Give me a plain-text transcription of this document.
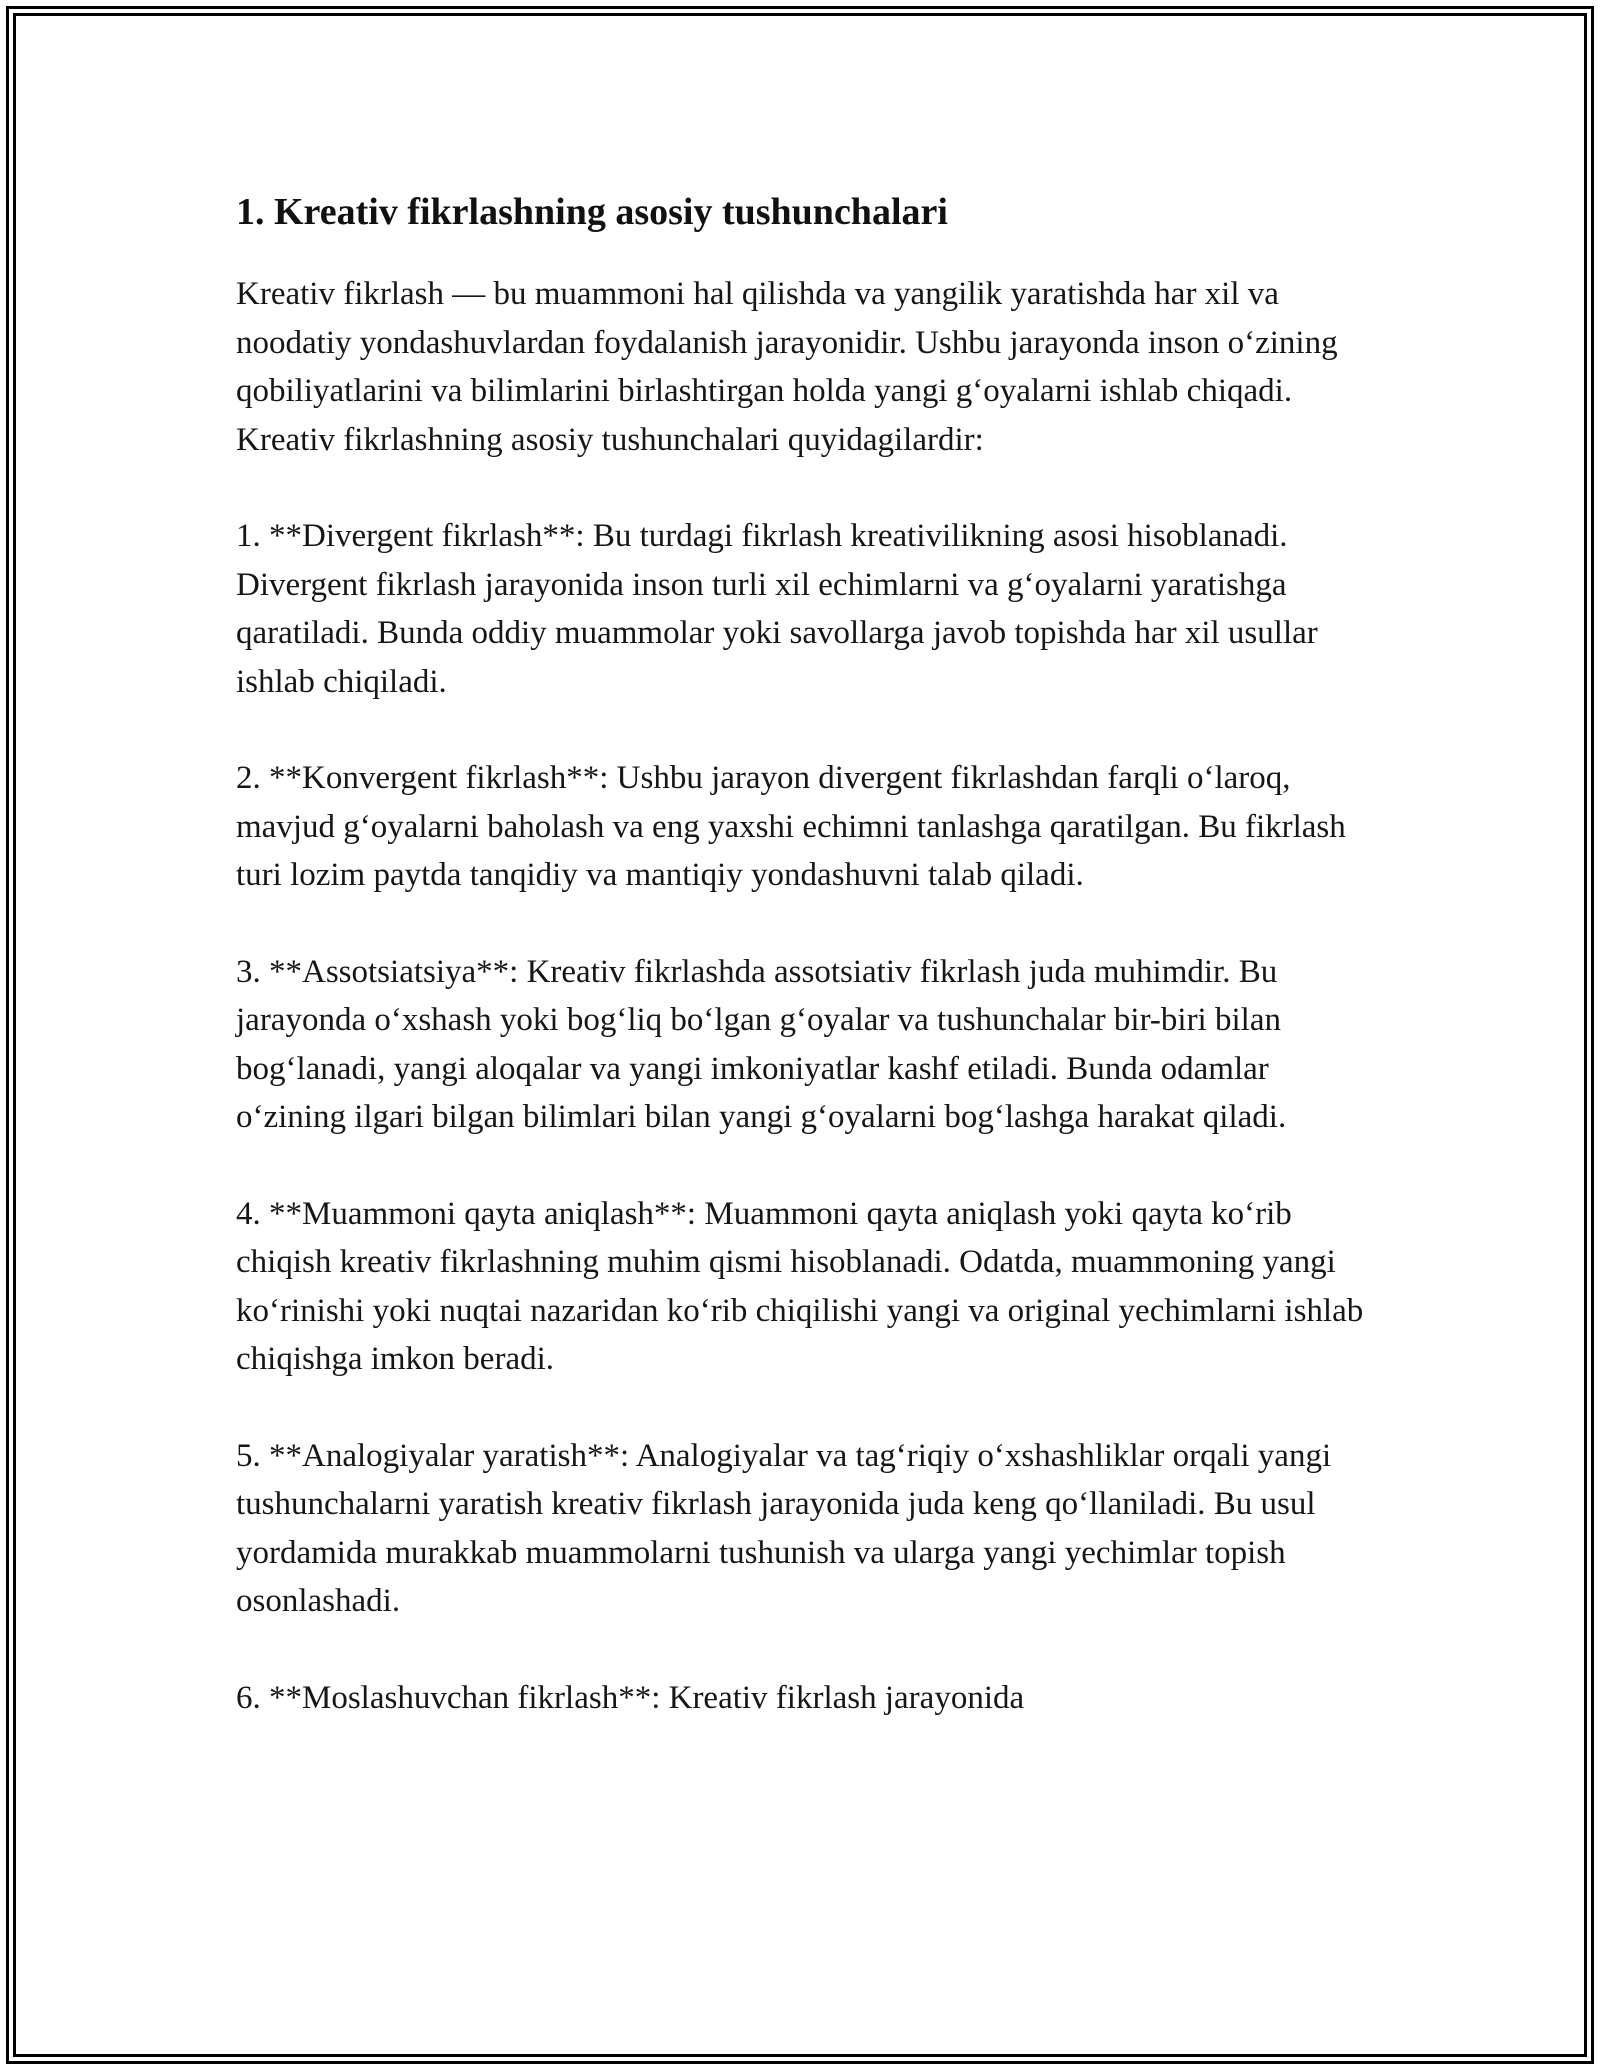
1. Kreativ fikrlashning asosiy tushunchalari

Kreativ fikrlash — bu muammoni hal qilishda va yangilik yaratishda har xil va noodatiy yondashuvlardan foydalanish jarayonidir. Ushbu jarayonda inson o‘zining qobiliyatlarini va bilimlarini birlashtirgan holda yangi g‘oyalarni ishlab chiqadi. Kreativ fikrlashning asosiy tushunchalari quyidagilardir:

1. **Divergent fikrlash**: Bu turdagi fikrlash kreativilikning asosi hisoblanadi. Divergent fikrlash jarayonida inson turli xil echimlarni va g‘oyalarni yaratishga qaratiladi. Bunda oddiy muammolar yoki savollarga javob topishda har xil usullar ishlab chiqiladi.

2. **Konvergent fikrlash**: Ushbu jarayon divergent fikrlashdan farqli o‘laroq, mavjud g‘oyalarni baholash va eng yaxshi echimni tanlashga qaratilgan. Bu fikrlash turi lozim paytda tanqidiy va mantiqiy yondashuvni talab qiladi.

3. **Assotsiatsiya**: Kreativ fikrlashda assotsiativ fikrlash juda muhimdir. Bu jarayonda o‘xshash yoki bog‘liq bo‘lgan g‘oyalar va tushunchalar bir-biri bilan bog‘lanadi, yangi aloqalar va yangi imkoniyatlar kashf etiladi. Bunda odamlar o‘zining ilgari bilgan bilimlari bilan yangi g‘oyalarni bog‘lashga harakat qiladi.

4. **Muammoni qayta aniqlash**: Muammoni qayta aniqlash yoki qayta ko‘rib chiqish kreativ fikrlashning muhim qismi hisoblanadi. Odatda, muammoning yangi ko‘rinishi yoki nuqtai nazaridan ko‘rib chiqilishi yangi va original yechimlarni ishlab chiqishga imkon beradi.

5. **Analogiyalar yaratish**: Analogiyalar va tag‘riqiy o‘xshashliklar orqali yangi tushunchalarni yaratish kreativ fikrlash jarayonida juda keng qo‘llaniladi. Bu usul yordamida murakkab muammolarni tushunish va ularga yangi yechimlar topish osonlashadi.

6. **Moslashuvchan fikrlash**: Kreativ fikrlash jarayonida
